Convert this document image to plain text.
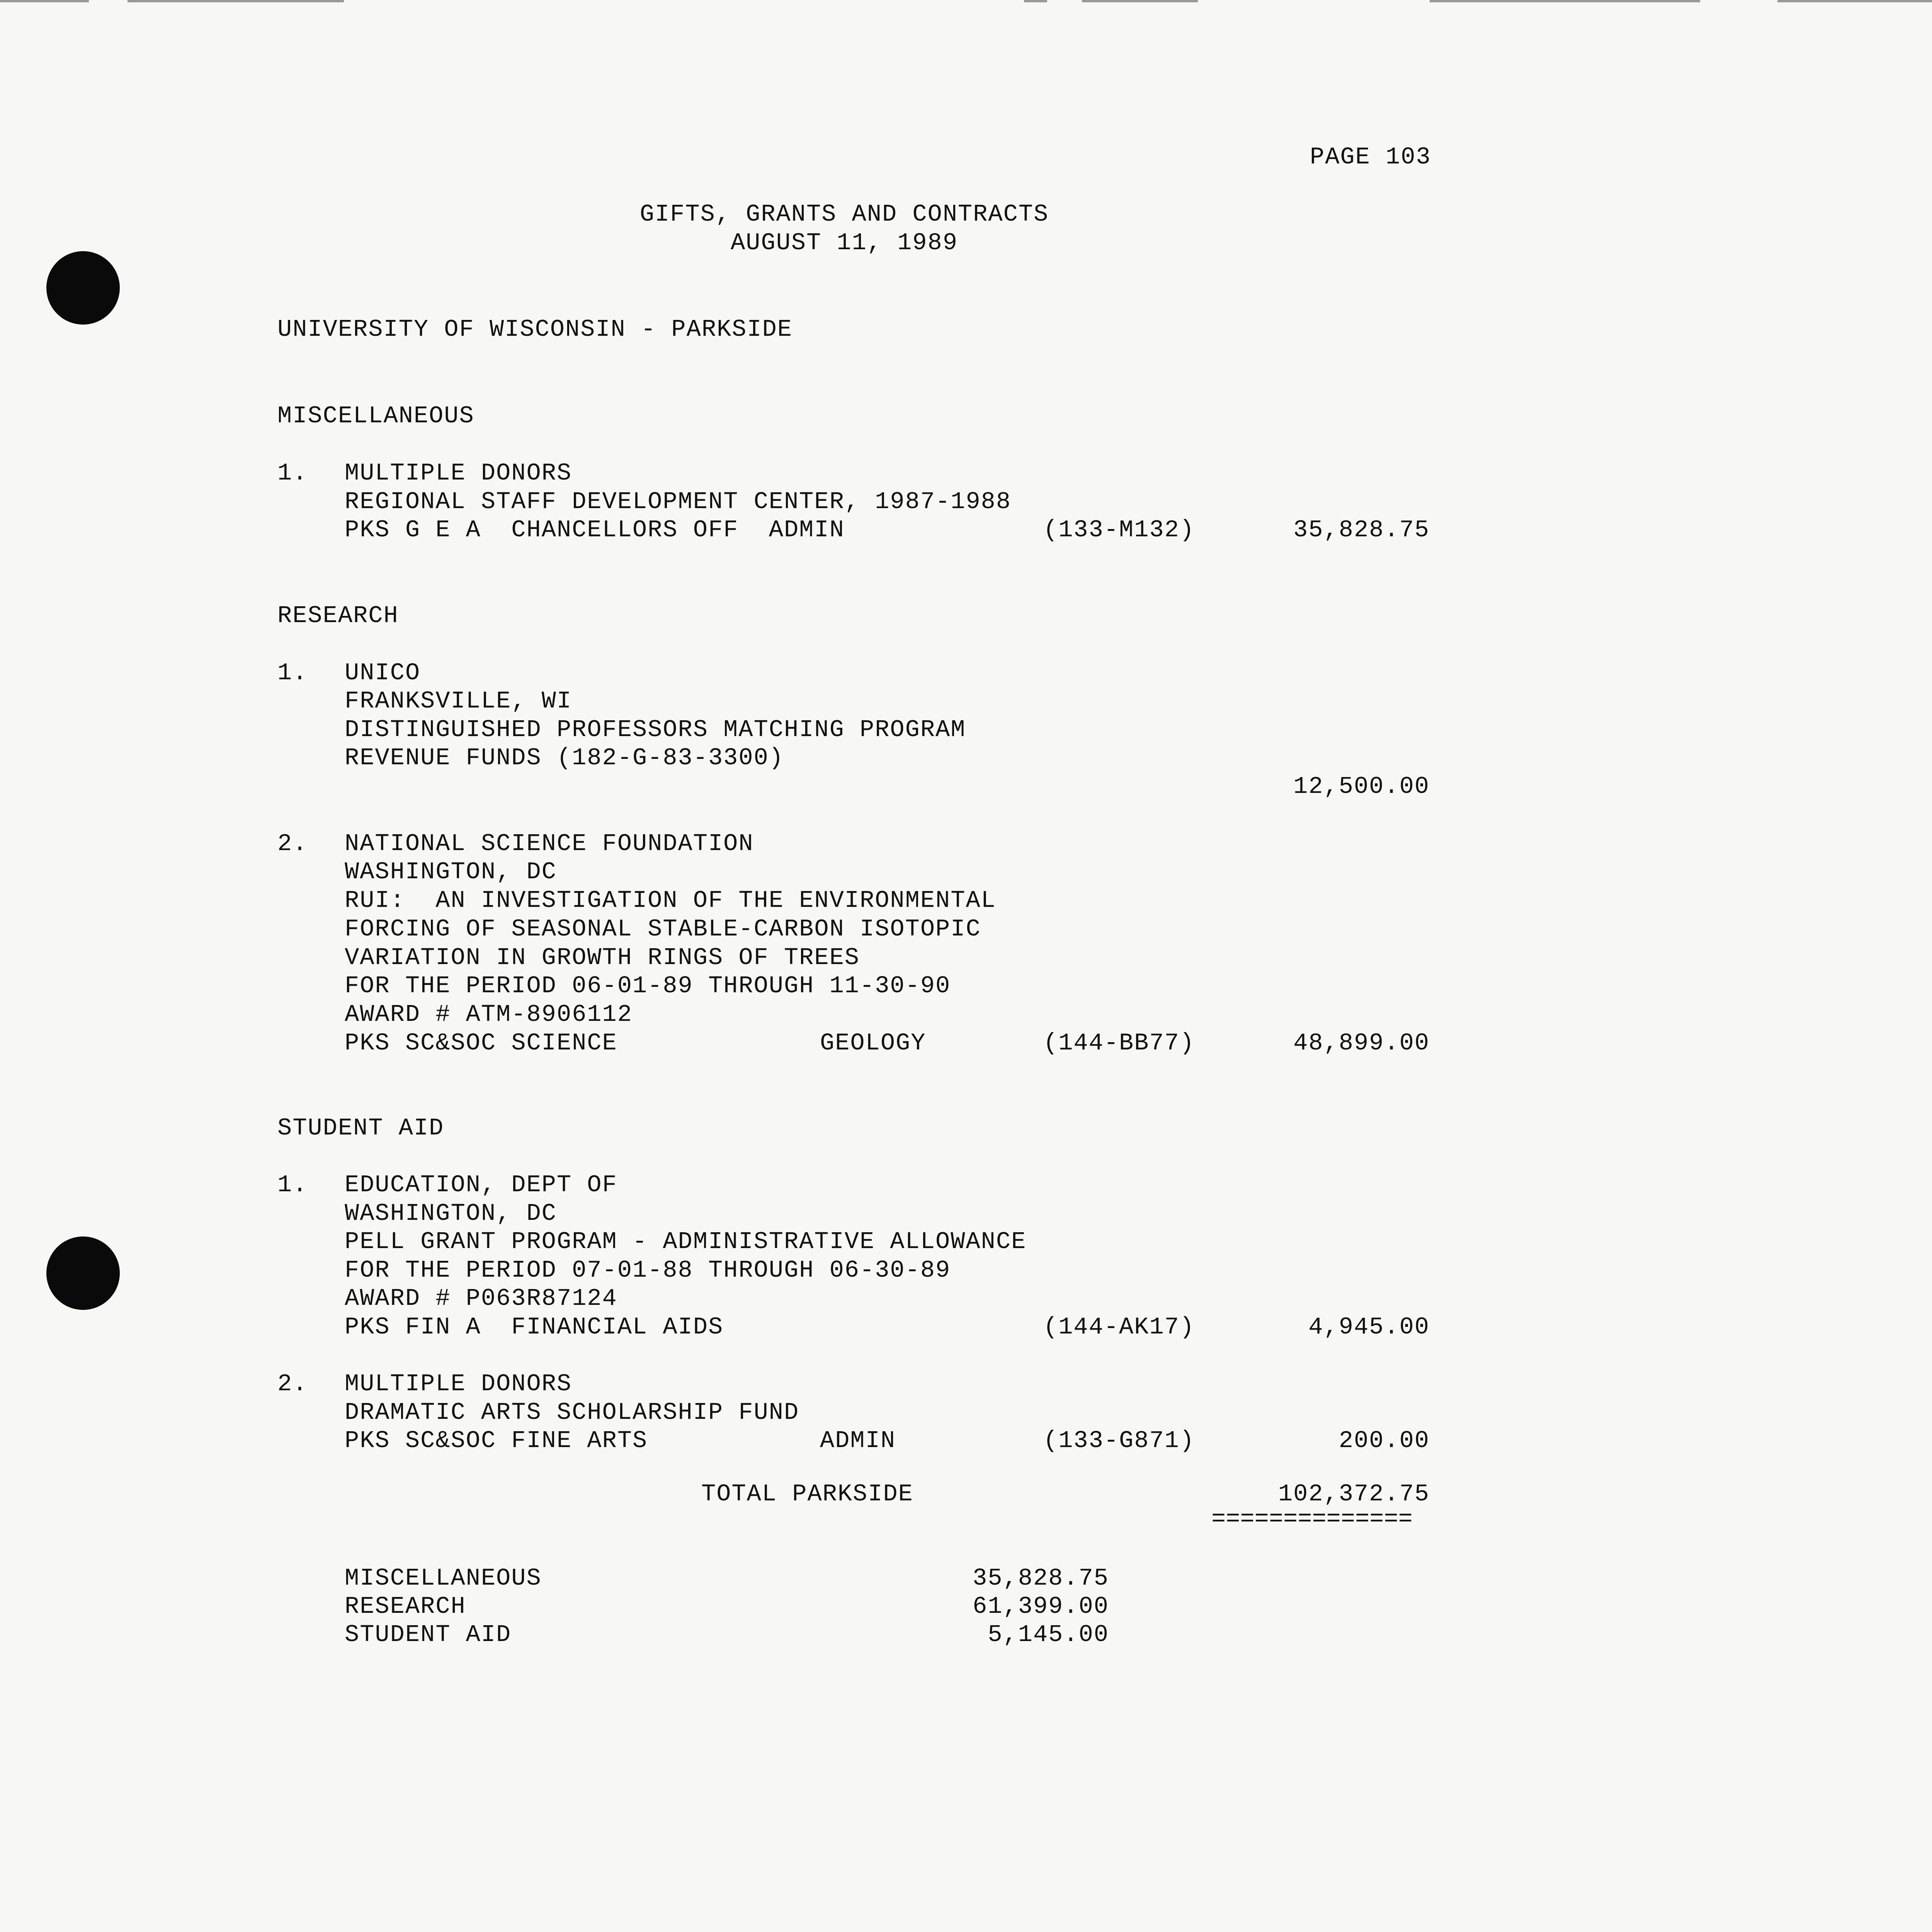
PAGE 103
GIFTS, GRANTS AND CONTRACTS
AUGUST 11, 1989
UNIVERSITY OF WISCONSIN - PARKSIDE
MISCELLANEOUS
1. MULTIPLE DONORS
REGIONAL STAFF DEVELOPMENT CENTER, 1987-1988
PKS G E A  CHANCELLORS OFF  ADMIN	(133-M132)	35,828.75
RESEARCH
1. UNICO
FRANKSVILLE, WI
DISTINGUISHED PROFESSORS MATCHING PROGRAM
REVENUE FUNDS (182-G-83-3300)
12,500.00
2. NATIONAL SCIENCE FOUNDATION
WASHINGTON, DC
RUI:  AN INVESTIGATION OF THE ENVIRONMENTAL
FORCING OF SEASONAL STABLE-CARBON ISOTOPIC
VARIATION IN GROWTH RINGS OF TREES
FOR THE PERIOD 06-01-89 THROUGH 11-30-90
AWARD # ATM-8906112
PKS SC&SOC SCIENCE	GEOLOGY	(144-BB77)	48,899.00
STUDENT AID
1. EDUCATION, DEPT OF
WASHINGTON, DC
PELL GRANT PROGRAM - ADMINISTRATIVE ALLOWANCE
FOR THE PERIOD 07-01-88 THROUGH 06-30-89
AWARD # P063R87124
PKS FIN A  FINANCIAL AIDS	(144-AK17)	4,945.00
2. MULTIPLE DONORS
DRAMATIC ARTS SCHOLARSHIP FUND
PKS SC&SOC FINE ARTS	ADMIN	(133-G871)	200.00
TOTAL PARKSIDE	102,372.75
==============
MISCELLANEOUS	35,828.75
RESEARCH	61,399.00
STUDENT AID	5,145.00
